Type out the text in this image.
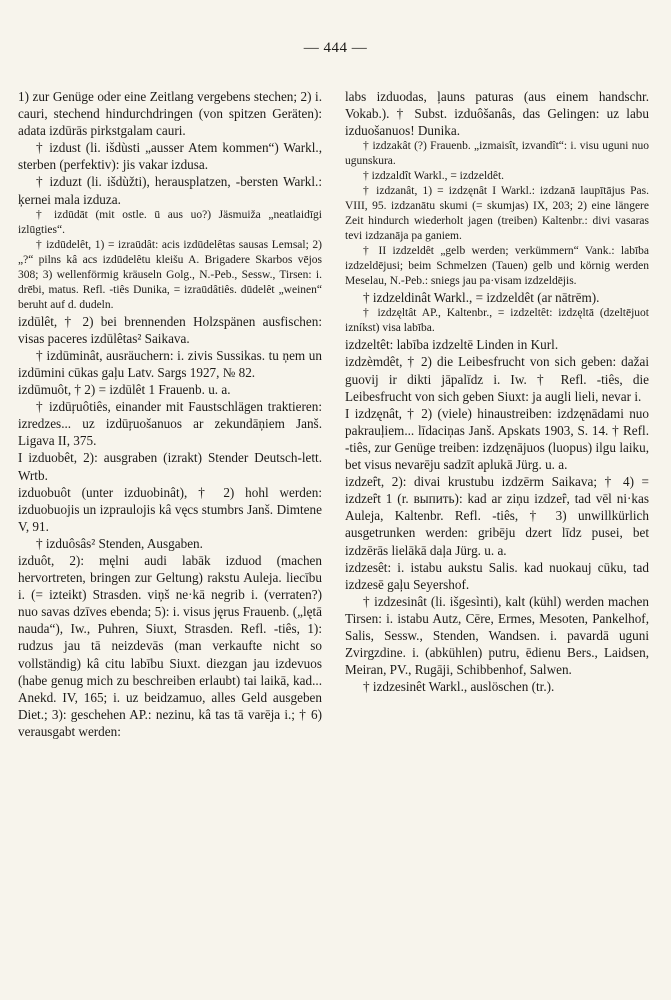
— 444 —

1) zur Genüge oder eine Zeitlang vergebens stechen; 2) i. cauri, stechend hindurchdringen (von spitzen Geräten): adata izdūrās pirkstgalam cauri.

† izdust (li. išdùsti „ausser Atem kommen“) Warkl., sterben (perfektiv): jis vakar izdusa.

† izduzt (li. išdùžti), herausplatzen, -bersten Warkl.: ķernei mala izduza.

† izdūdāt (mit ostle. ū aus uo?) Jäsmuiža „neatlaidīgi izlūgties“.

† izdūdelêt, 1) = izraūdât: acis izdūdelêtas sausas Lemsal; 2) „?“ pilns kâ acs izdūdelêtu kleišu A. Brigadere Skarbos vējos 308; 3) wellenförmig kräuseln Golg., N.-Peb., Sessw., Tirsen: i. drēbi, matus. Refl. -tiês Dunika, = izraūdâtiês. dūdelêt „weinen“ beruht auf d. dudeln.

izdūlêt, † 2) bei brennenden Holzspänen ausfischen: visas paceres izdūlêtas² Saikava.

† izdūminât, ausräuchern: i. zivis Sussikas. tu ņem un izdūmini cūkas gaļu Latv. Sargs 1927, № 82.

izdūmuôt, † 2) = izdūlêt 1 Frauenb. u. a.

† izdūŗuôtiês, einander mit Faustschlägen traktieren: izredzes... uz izdūŗuošanuos ar zekundāņiem Janš. Ligava II, 375.

I izduobêt, 2): ausgraben (izrakt) Stender Deutsch-lett. Wrtb.

izduobuôt (unter izduobinât), † 2) hohl werden: izduobuojis un izpraulojis kâ vęcs stumbrs Janš. Dimtene V, 91.

† izduôsâs² Stenden, Ausgaben.

izduôt, 2): męlni audi labāk izduod (machen hervortreten, bringen zur Geltung) rakstu Auleja. liecību i. (= izteikt) Strasden. viņš ne·kā negrib i. (verraten?) nuo savas dzīves ebenda; 5): i. visus jęrus Frauenb. („lętā nauda“), Iw., Puhren, Siuxt, Strasden. Refl. -tiês, 1): rudzus jau tā neizdevās (man verkaufte nicht so vollständig) kâ citu labību Siuxt. diezgan jau izdevuos (habe genug mich zu beschreiben erlaubt) tai laikā, kad... Anekd. IV, 165; i. uz beidzamuo, alles Geld ausgeben Diet.; 3): geschehen AP.: nezinu, kâ tas tā varēja i.; † 6) verausgabt werden:

labs izduodas, ļauns paturas (aus einem handschr. Vokab.). † Subst. izduôšanâs, das Gelingen: uz labu izduošanuos! Dunika.

† izdzakât (?) Frauenb. „izmaisît, izvandît“: i. visu uguni nuo ugunskura.

† izdzaldît Warkl., = izdzeldêt.

† izdzanât, 1) = izdzęnât I Warkl.: izdzanā laupītājus Pas. VIII, 95. izdzanātu skumi (= skumjas) IX, 203; 2) eine längere Zeit hindurch wiederholt jagen (treiben) Kaltenbr.: divi vasaras tevi izdzanāja pa ganiem.

† II izdzeldêt „gelb werden; verkümmern“ Vank.: labība izdzeldējusi; beim Schmelzen (Tauen) gelb und körnig werden Meselau, N.-Peb.: sniegs jau pa·visam izdzeldējis.

† izdzeldinât Warkl., = izdzeldêt (ar nātrēm).

† izdzęltât AP., Kaltenbr., = izdzeltêt: izdzęltā (dzeltējuot izníkst) visa labība.

izdzeltêt: labība izdzeltē Linden in Kurl.

izdzèmdêt, † 2) die Leibesfrucht von sich geben: dažai guovij ir dikti jāpalīdz i. Iw. † Refl. -tiês, die Leibesfrucht von sich geben Siuxt: ja augli lieli, nevar i.

I izdzęnât, † 2) (viele) hinaustreiben: izdzęnādami nuo pakrauļiem... līdaciņas Janš. Apskats 1903, S. 14. † Refl. -tiês, zur Genüge treiben: izdzęnājuos (luopus) ilgu laiku, bet visus nevarēju sadzīt aplukā Jürg. u. a.

izdzeȓt, 2): divai krustubu izdzērm Saikava; † 4) = izdzeȓt 1 (r. выпить): kad ar ziņu izdzeȓ, tad vēl ni·kas Auleja, Kaltenbr. Refl. -tiês, † 3) unwillkürlich ausgetrunken werden: gribēju dzert līdz pusei, bet izdzērās lielākā daļa Jürg. u. a.

izdzesêt: i. istabu aukstu Salis. kad nuokauj cūku, tad izdzesē gaļu Seyershof.

† izdzesinât (li. išgesìnti), kalt (kühl) werden machen Tirsen: i. istabu Autz, Cēre, Ermes, Mesoten, Pankelhof, Salis, Sessw., Stenden, Wandsen. i. pavardā uguni Zvirgzdine. i. (abkühlen) putru, ēdienu Bers., Laidsen, Meiran, PV., Rugāji, Schibbenhof, Salwen.

† izdzesinêt Warkl., auslöschen (tr.).
